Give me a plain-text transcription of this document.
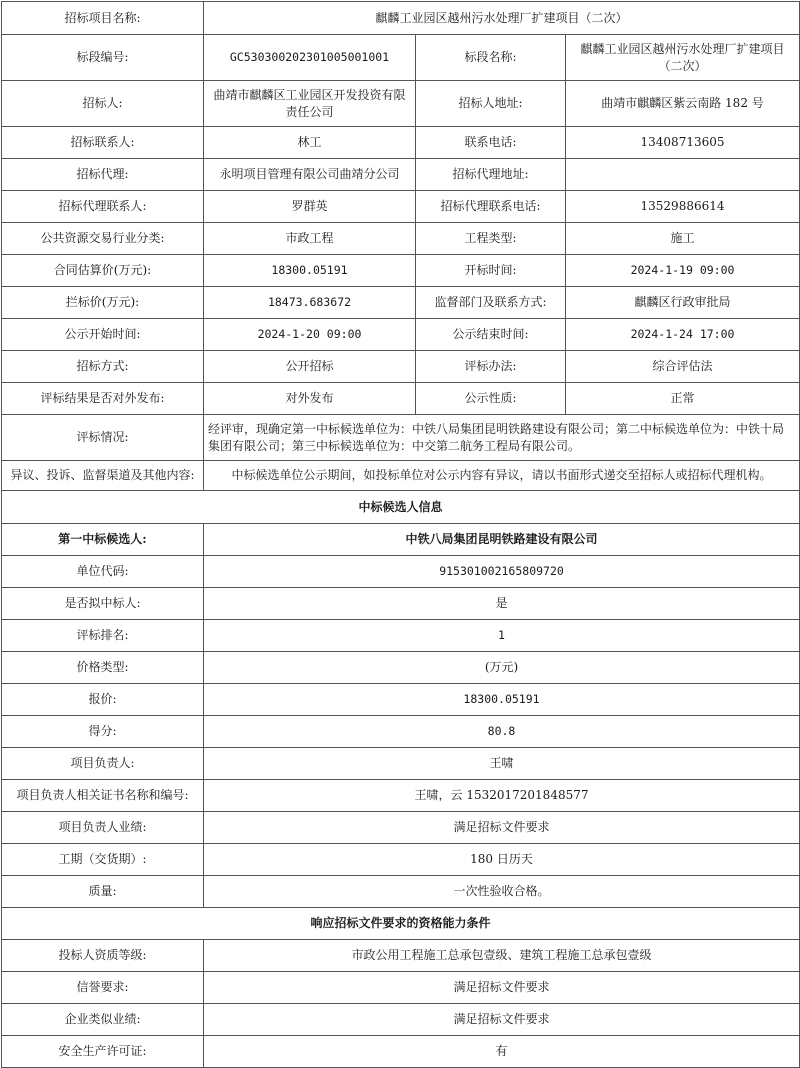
招标项目名称:	麒麟工业园区越州污水处理厂扩建项目（二次）		
标段编号:	GC530300202301005001001	标段名称:	麒麟工业园区越州污水处理厂扩建项目（二次）
招标人:	曲靖市麒麟区工业园区开发投资有限责任公司	招标人地址:	曲靖市麒麟区紫云南路 182 号
招标联系人:	林工	联系电话:	13408713605
招标代理:	永明项目管理有限公司曲靖分公司	招标代理地址:	
招标代理联系人:	罗群英	招标代理联系电话:	13529886614
公共资源交易行业分类:	市政工程	工程类型:	施工
合同估算价(万元):	18300.05191	开标时间:	2024-1-19 09:00
拦标价(万元):	18473.683672	监督部门及联系方式:	麒麟区行政审批局
公示开始时间:	2024-1-20 09:00	公示结束时间:	2024-1-24 17:00
招标方式:	公开招标	评标办法:	综合评估法
评标结果是否对外发布:	对外发布	公示性质:	正常
评标情况:	经评审，现确定第一中标候选单位为：中铁八局集团昆明铁路建设有限公司；第二中标候选单位为：中铁十局集团有限公司；第三中标候选单位为：中交第二航务工程局有限公司。		
异议、投诉、监督渠道及其他内容:	中标候选单位公示期间，如投标单位对公示内容有异议，请以书面形式递交至招标人或招标代理机构。		
中标候选人信息			
第一中标候选人:	中铁八局集团昆明铁路建设有限公司		
单位代码:	915301002165809720		
是否拟中标人:	是		
评标排名:	1		
价格类型:	(万元)		
报价:	18300.05191		
得分:	80.8		
项目负责人:	王啸		
项目负责人相关证书名称和编号:	王啸，云 1532017201848577		
项目负责人业绩:	满足招标文件要求		
工期（交货期）:	180 日历天		
质量:	一次性验收合格。		
响应招标文件要求的资格能力条件			
投标人资质等级:	市政公用工程施工总承包壹级、建筑工程施工总承包壹级		
信誉要求:	满足招标文件要求		
企业类似业绩:	满足招标文件要求		
安全生产许可证:	有		
